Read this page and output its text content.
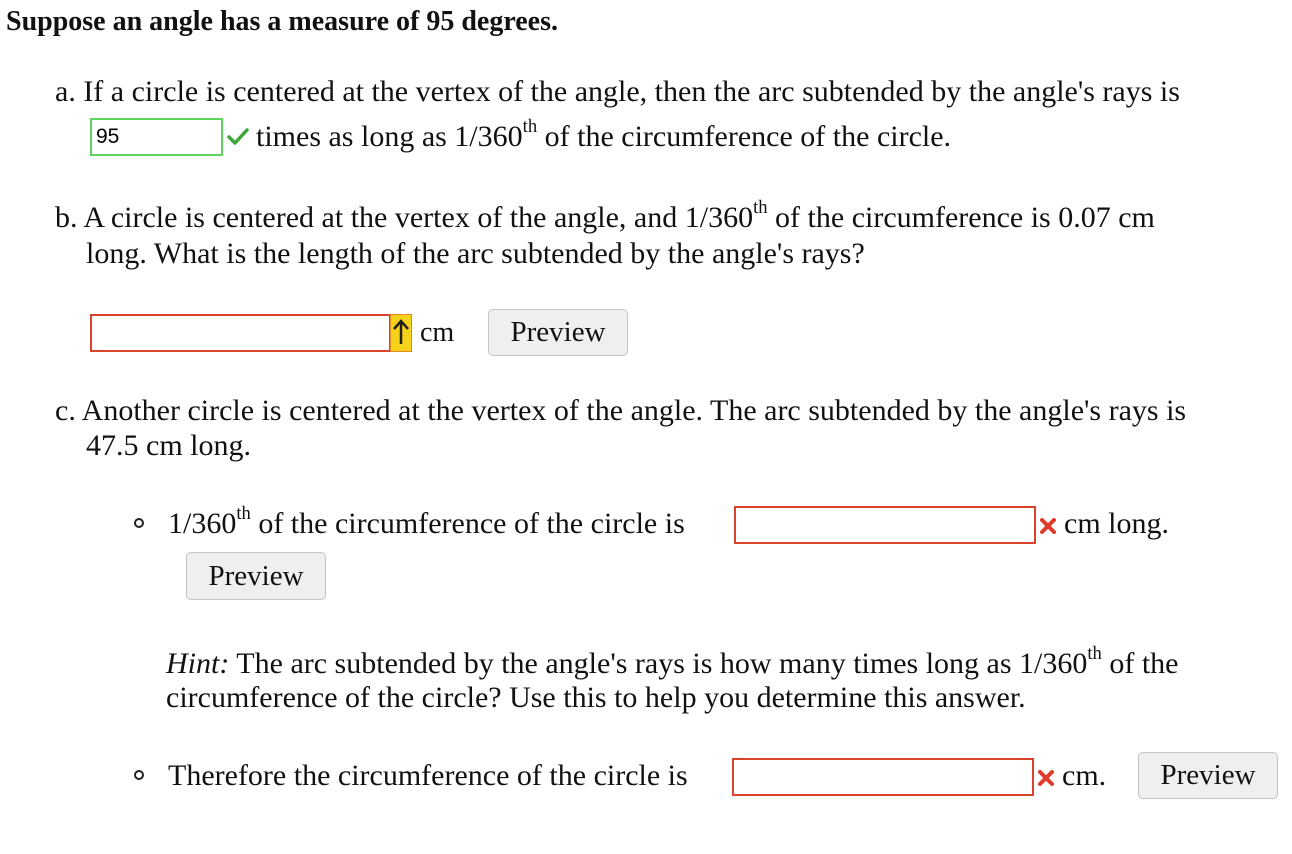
Suppose an angle has a measure of 95 degrees.
a. If a circle is centered at the vertex of the angle, then the arc subtended by the angle's rays is
95
times as long as 1/360th of the circumference of the circle.
b. A circle is centered at the vertex of the angle, and 1/360th of the circumference is 0.07 cm
long. What is the length of the arc subtended by the angle's rays?
cm	Preview
c. Another circle is centered at the vertex of the angle. The arc subtended by the angle's rays is
47.5 cm long.
1/360th of the circumference of the circle is	cm long.
Preview
Hint: The arc subtended by the angle's rays is how many times long as 1/360th of the
circumference of the circle? Use this to help you determine this answer.
Therefore the circumference of the circle is	cm.	Preview
